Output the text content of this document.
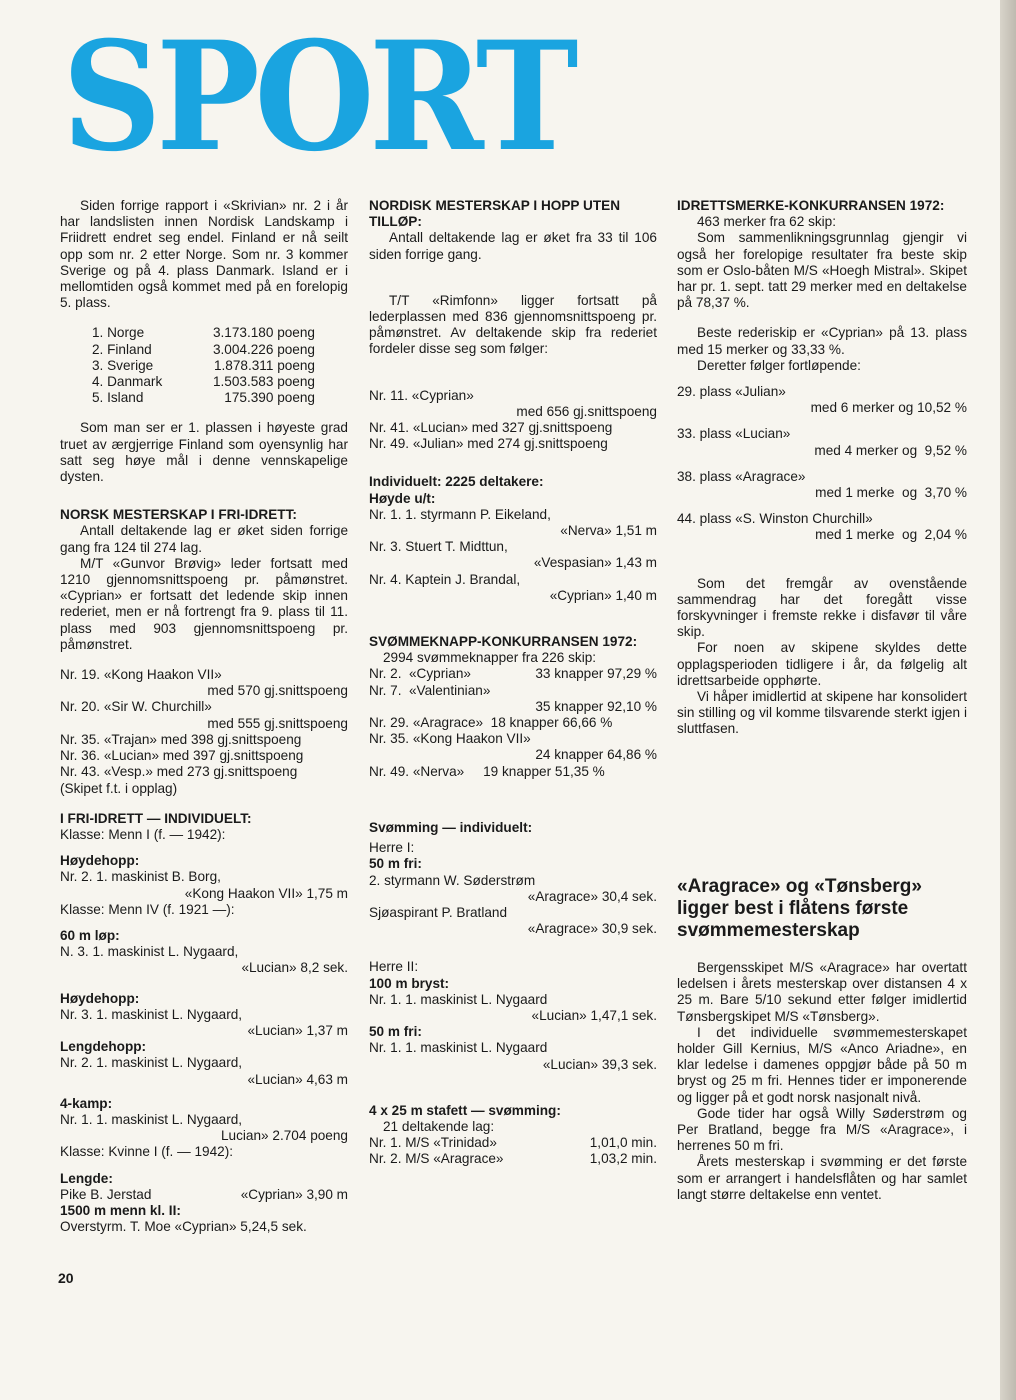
SPORT

Siden forrige rapport i «Skrivian» nr. 2 i år har landslisten innen Nordisk Landskamp i Friidrett endret seg endel. Finland er nå seilt opp som nr. 2 etter Norge. Som nr. 3 kommer Sverige og på 4. plass Danmark. Island er i mellomtiden også kommet med på en forelopig 5. plass.

1. Norge	3.173.180 poeng
2. Finland	3.004.226 poeng
3. Sverige	1.878.311 poeng
4. Danmark	1.503.583 poeng
5. Island	175.390 poeng

Som man ser er 1. plassen i høyeste grad truet av ærgjerrige Finland som oyensynlig har satt seg høye mål i denne vennskapelige dysten.

NORSK MESTERSKAP I FRI-IDRETT:

Antall deltakende lag er øket siden forrige gang fra 124 til 274 lag.

M/T «Gunvor Brøvig» leder fortsatt med 1210 gjennomsnittspoeng pr. påmønstret. «Cyprian» er fortsatt det ledende skip innen rederiet, men er nå fortrengt fra 9. plass til 11. plass med 903 gjennomsnittspoeng pr. påmønstret.

Nr. 19. «Kong Haakon VII»

med 570 gj.snittspoeng

Nr. 20. «Sir W. Churchill»

med 555 gj.snittspoeng

Nr. 35. «Trajan» med 398 gj.snittspoeng

Nr. 36. «Lucian» med 397 gj.snittspoeng

Nr. 43. «Vesp.» med 273 gj.snittspoeng

(Skipet f.t. i opplag)

I FRI-IDRETT — INDIVIDUELT:

Klasse: Menn I (f. — 1942):

Høydehopp:

Nr. 2. 1. maskinist B. Borg,

«Kong Haakon VII» 1,75 m

Klasse: Menn IV (f. 1921 —):

60 m løp:

N. 3. 1. maskinist L. Nygaard,

«Lucian» 8,2 sek.

Høydehopp:

Nr. 3. 1. maskinist L. Nygaard,

«Lucian» 1,37 m

Lengdehopp:

Nr. 2. 1. maskinist L. Nygaard,

«Lucian» 4,63 m

4-kamp:

Nr. 1. 1. maskinist L. Nygaard,

Lucian» 2.704 poeng

Klasse: Kvinne I (f. — 1942):

Lengde:

Pike B. Jerstad	«Cyprian» 3,90 m

1500 m menn kl. II:

Overstyrm. T. Moe «Cyprian» 5,24,5 sek.

NORDISK MESTERSKAP I HOPP UTEN TILLØP:

Antall deltakende lag er øket fra 33 til 106 siden forrige gang.

T/T «Rimfonn» ligger fortsatt på lederplassen med 836 gjennomsnittspoeng pr. påmønstret. Av deltakende skip fra rederiet fordeler disse seg som følger:

Nr. 11. «Cyprian»

med 656 gj.snittspoeng

Nr. 41. «Lucian» med 327 gj.snittspoeng

Nr. 49. «Julian» med 274 gj.snittspoeng

Individuelt: 2225 deltakere:

Høyde u/t:

Nr. 1. 1. styrmann P. Eikeland,

«Nerva» 1,51 m

Nr. 3. Stuert T. Midttun,

«Vespasian» 1,43 m

Nr. 4. Kaptein J. Brandal,

«Cyprian» 1,40 m

SVØMMEKNAPP-KONKURRANSEN 1972:

2994 svømmeknapper fra 226 skip:

Nr. 2. «Cyprian»	33 knapper 97,29 %
Nr. 7. «Valentinian»

35 knapper 92,10 %

Nr. 29. «Aragrace»  18 knapper 66,66 %

Nr. 35. «Kong Haakon VII»

24 knapper 64,86 %

Nr. 49. «Nerva»     19 knapper 51,35 %

Svømming — individuelt:

Herre I:

50 m fri:

2. styrmann W. Søderstrøm

«Aragrace» 30,4 sek.

Sjøaspirant P. Bratland

«Aragrace» 30,9 sek.

Herre II:

100 m bryst:

Nr. 1. 1. maskinist L. Nygaard

«Lucian» 1,47,1 sek.

50 m fri:

Nr. 1. 1. maskinist L. Nygaard

«Lucian» 39,3 sek.

4 x 25 m stafett — svømming:

21 deltakende lag:

Nr. 1. M/S «Trinidad»	1,01,0 min.
Nr. 2. M/S «Aragrace»	1,03,2 min.

IDRETTSMERKE-KONKURRANSEN 1972:

463 merker fra 62 skip:

Som sammenlikningsgrunnlag gjengir vi også her forelopige resultater fra beste skip som er Oslo-båten M/S «Hoegh Mistral». Skipet har pr. 1. sept. tatt 29 merker med en deltakelse på 78,37 %.

Beste rederiskip er «Cyprian» på 13. plass med 15 merker og 33,33 %.

Deretter følger fortløpende:

29. plass «Julian»

med 6 merker og 10,52 %

33. plass «Lucian»

med 4 merker og  9,52 %

38. plass «Aragrace»

med 1 merke  og  3,70 %

44. plass «S. Winston Churchill»

med 1 merke  og  2,04 %

Som det fremgår av ovenstående sammendrag har det foregått visse forskyvninger i fremste rekke i disfavør til våre skip.

For noen av skipene skyldes dette opplagsperioden tidligere i år, da følgelig alt idrettsarbeide opphørte.

Vi håper imidlertid at skipene har konsolidert sin stilling og vil komme tilsvarende sterkt igjen i sluttfasen.

«Aragrace» og «Tønsberg» ligger best i flåtens første svømmemesterskap

Bergensskipet M/S «Aragrace» har overtatt ledelsen i årets mesterskap over distansen 4 x 25 m. Bare 5/10 sekund etter følger imidlertid Tønsbergskipet M/S «Tønsberg».

I det individuelle svømmemesterskapet holder Gill Kernius, M/S «Anco Ariadne», en klar ledelse i damenes oppgjør både på 50 m bryst og 25 m fri. Hennes tider er imponerende og ligger på et godt norsk nasjonalt nivå.

Gode tider har også Willy Søderstrøm og Per Bratland, begge fra M/S «Aragrace», i herrenes 50 m fri.

Årets mesterskap i svømming er det første som er arrangert i handelsflåten og har samlet langt større deltakelse enn ventet.

20
